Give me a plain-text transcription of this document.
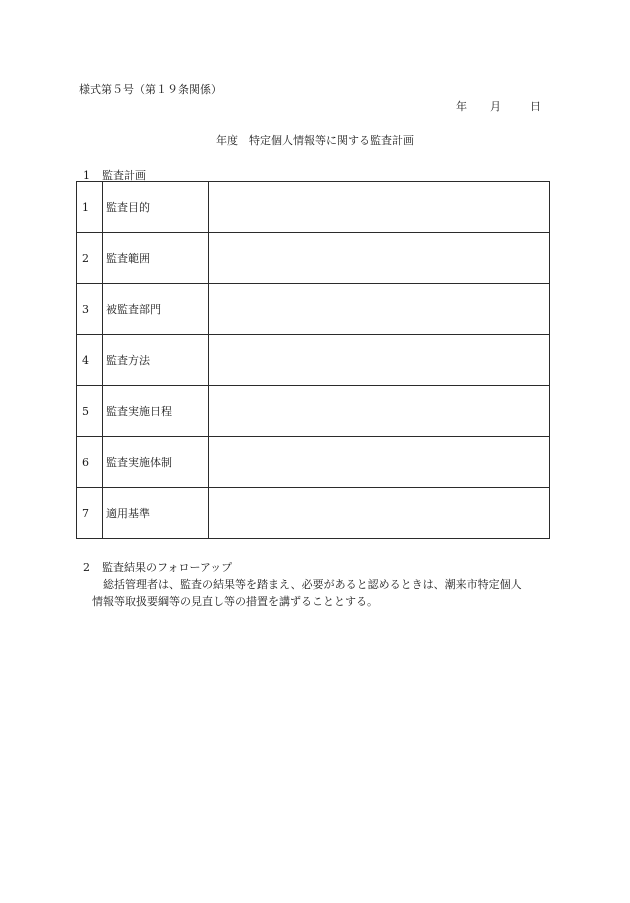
様式第５号（第１９条関係）
年 月	日
年度　特定個人情報等に関する監査計画
1 監査計画
1	監査目的	
2	監査範囲	
3	被監査部門	
4	監査方法	
5	監査実施日程	
6	監査実施体制	
7	適用基準	
2 監査結果のフォローアップ

総括管理者は、監査の結果等を踏まえ、必要があると認めるときは、潮来市特定個人

情報等取扱要綱等の見直し等の措置を講ずることとする。
